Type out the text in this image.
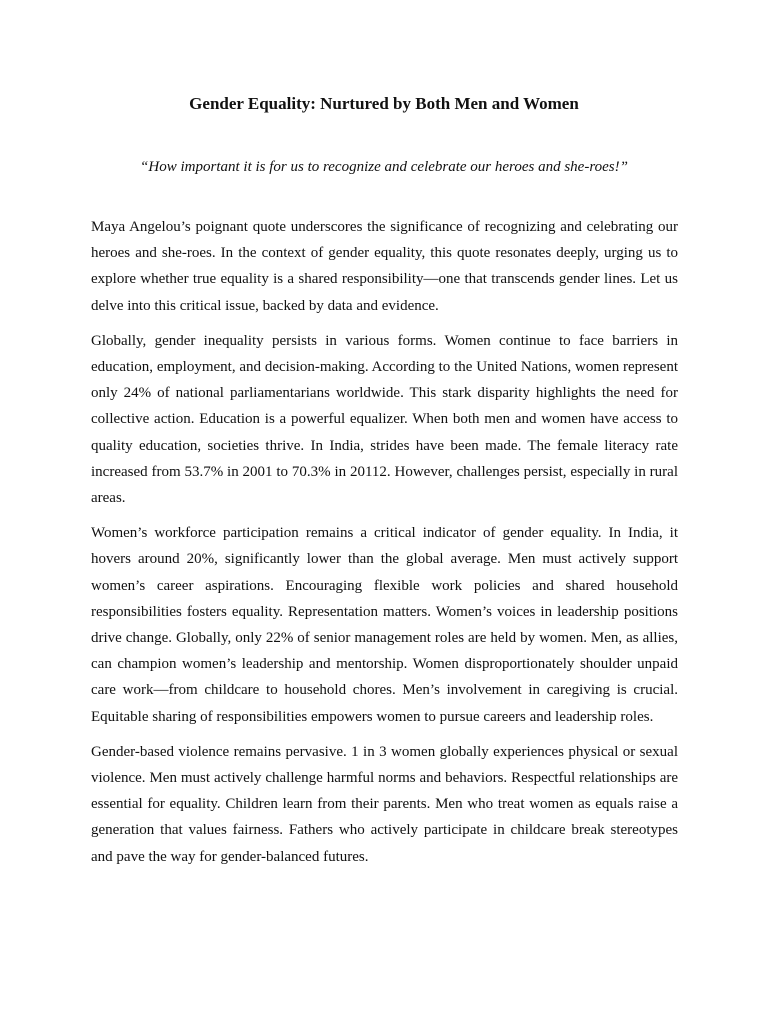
Gender Equality: Nurtured by Both Men and Women

“How important it is for us to recognize and celebrate our heroes and she-roes!”

Maya Angelou’s poignant quote underscores the significance of recognizing and celebrating our heroes and she-roes. In the context of gender equality, this quote resonates deeply, urging us to explore whether true equality is a shared responsibility—one that transcends gender lines. Let us delve into this critical issue, backed by data and evidence.

Globally, gender inequality persists in various forms. Women continue to face barriers in education, employment, and decision-making. According to the United Nations, women represent only 24% of national parliamentarians worldwide. This stark disparity highlights the need for collective action. Education is a powerful equalizer. When both men and women have access to quality education, societies thrive. In India, strides have been made. The female literacy rate increased from 53.7% in 2001 to 70.3% in 20112. However, challenges persist, especially in rural areas.

Women’s workforce participation remains a critical indicator of gender equality. In India, it hovers around 20%, significantly lower than the global average. Men must actively support women’s career aspirations. Encouraging flexible work policies and shared household responsibilities fosters equality. Representation matters. Women’s voices in leadership positions drive change. Globally, only 22% of senior management roles are held by women. Men, as allies, can champion women’s leadership and mentorship. Women disproportionately shoulder unpaid care work—from childcare to household chores. Men’s involvement in caregiving is crucial. Equitable sharing of responsibilities empowers women to pursue careers and leadership roles.

Gender-based violence remains pervasive. 1 in 3 women globally experiences physical or sexual violence. Men must actively challenge harmful norms and behaviors. Respectful relationships are essential for equality. Children learn from their parents. Men who treat women as equals raise a generation that values fairness. Fathers who actively participate in childcare break stereotypes and pave the way for gender-balanced futures.
